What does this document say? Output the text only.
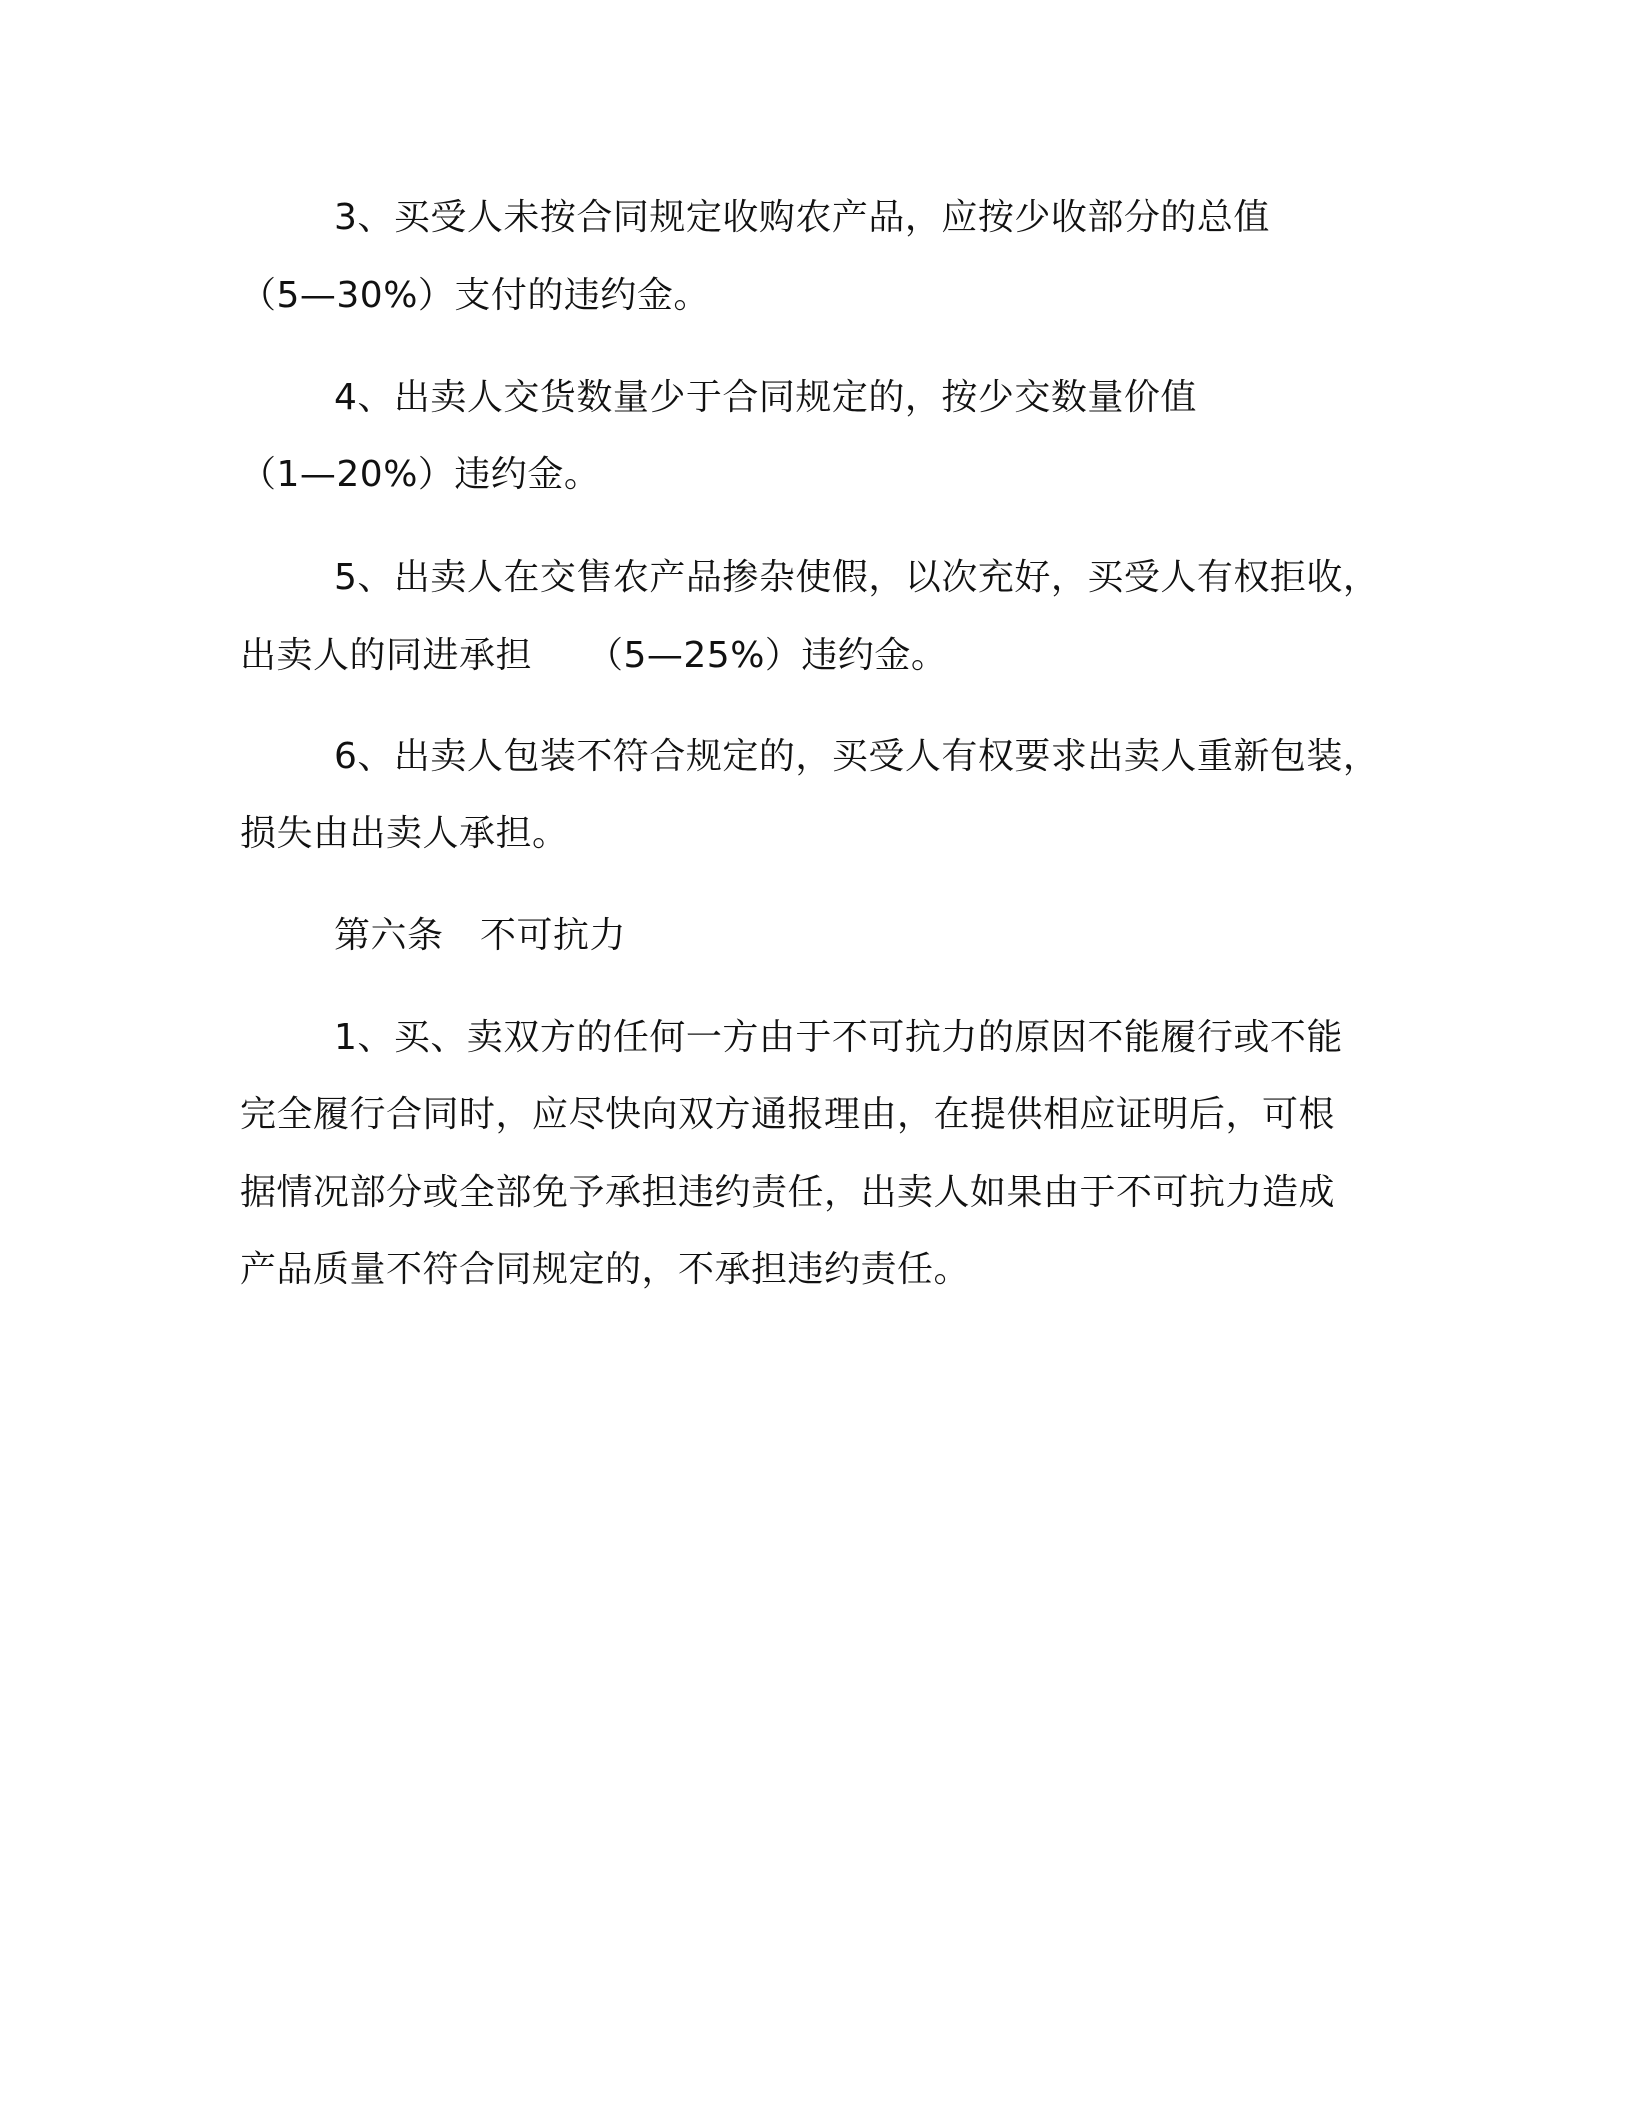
3、买受人未按合同规定收购农产品，应按少收部分的总值

（5—30%）支付的违约金。

4、出卖人交货数量少于合同规定的，按少交数量价值

（1—20%）违约金。

5、出卖人在交售农产品掺杂使假，以次充好，买受人有权拒收，

出卖人的同进承担　　（5—25%）违约金。

6、出卖人包装不符合规定的，买受人有权要求出卖人重新包装，

损失由出卖人承担。

第六条　不可抗力

1、买、卖双方的任何一方由于不可抗力的原因不能履行或不能

完全履行合同时，应尽快向双方通报理由，在提供相应证明后，可根

据情况部分或全部免予承担违约责任，出卖人如果由于不可抗力造成

产品质量不符合同规定的，不承担违约责任。
